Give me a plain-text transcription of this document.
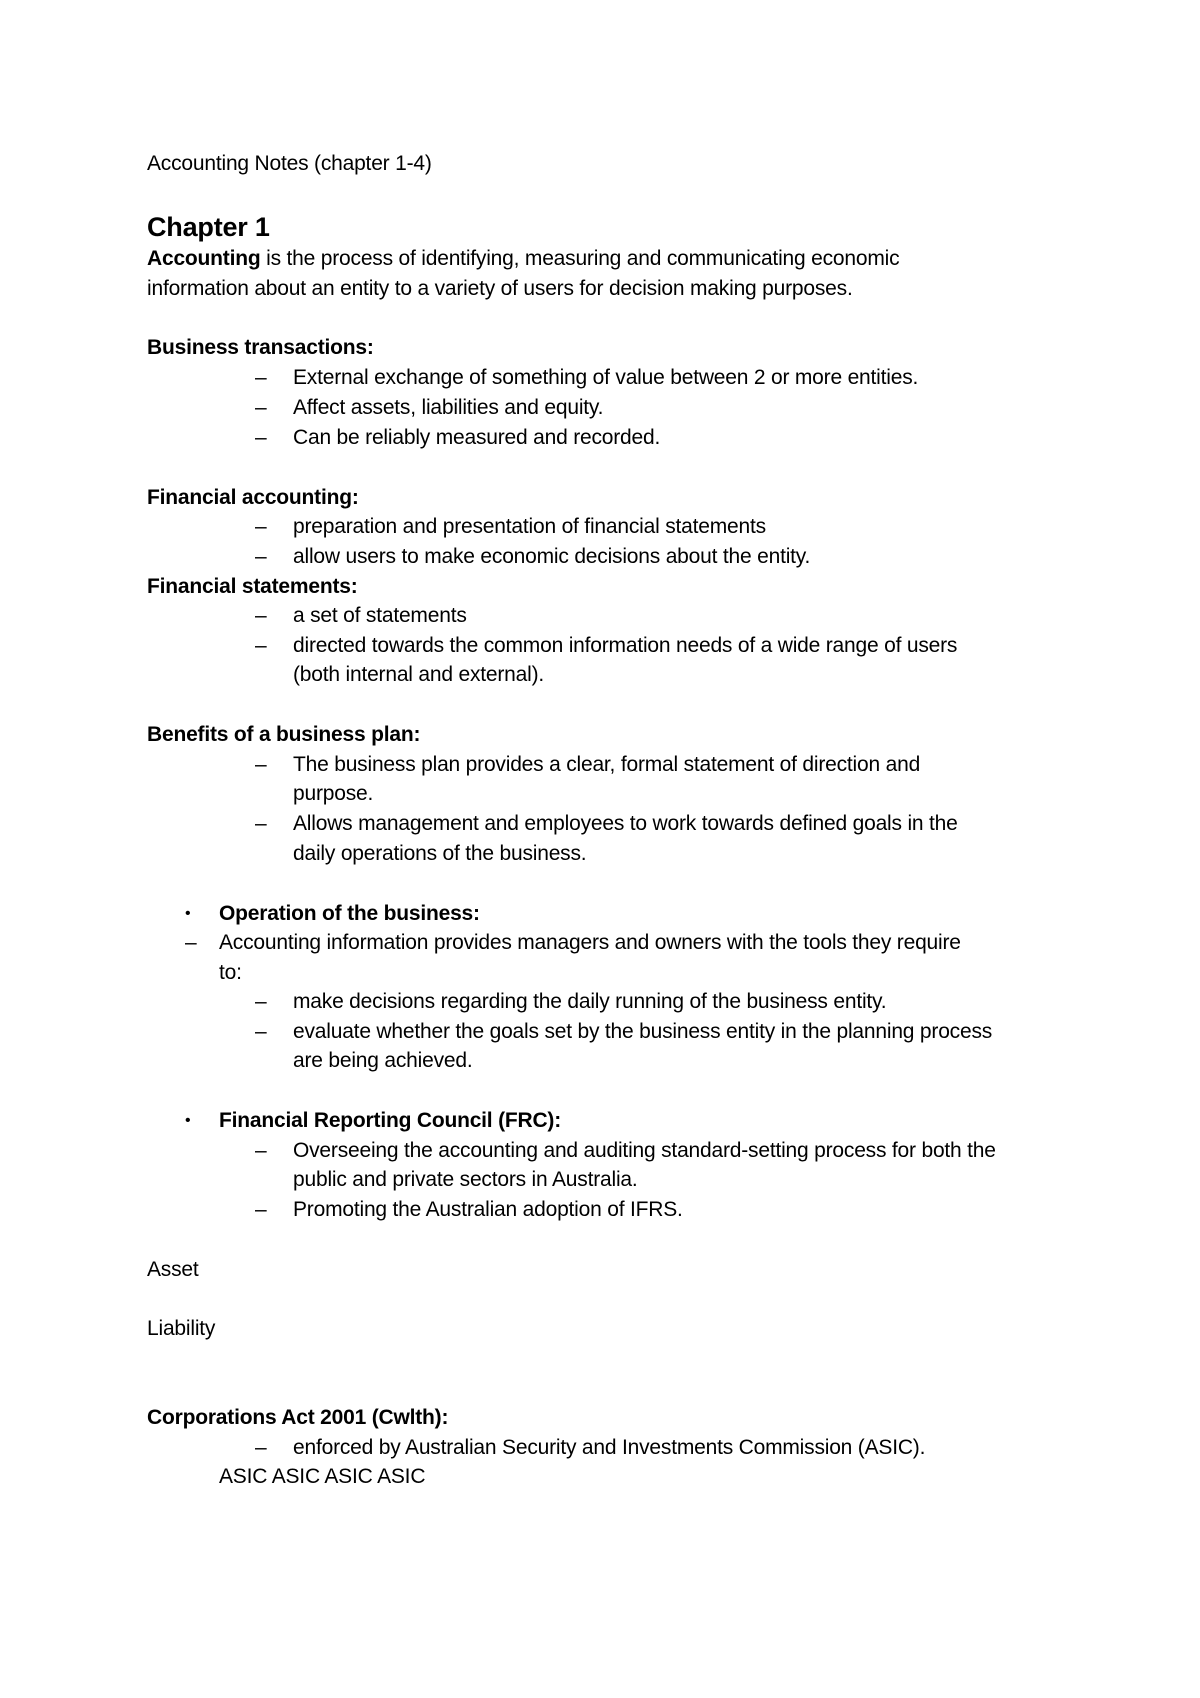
Accounting Notes (chapter 1-4)
Chapter 1
Accounting is the process of identifying, measuring and communicating economic
information about an entity to a variety of users for decision making purposes.
Business transactions:
– External exchange of something of value between 2 or more entities.
– Affect assets, liabilities and equity.
– Can be reliably measured and recorded.
Financial accounting:
– preparation and presentation of financial statements
– allow users to make economic decisions about the entity.
Financial statements:
– a set of statements
– directed towards the common information needs of a wide range of users
(both internal and external).
Benefits of a business plan:
– The business plan provides a clear, formal statement of direction and
purpose.
– Allows management and employees to work towards defined goals in the
daily operations of the business.
• Operation of the business:
– Accounting information provides managers and owners with the tools they require
to:
– make decisions regarding the daily running of the business entity.
– evaluate whether the goals set by the business entity in the planning process
are being achieved.
• Financial Reporting Council (FRC):
– Overseeing the accounting and auditing standard-setting process for both the
public and private sectors in Australia.
– Promoting the Australian adoption of IFRS.
Asset
Liability
Corporations Act 2001 (Cwlth):
– enforced by Australian Security and Investments Commission (ASIC).
ASIC ASIC ASIC ASIC
